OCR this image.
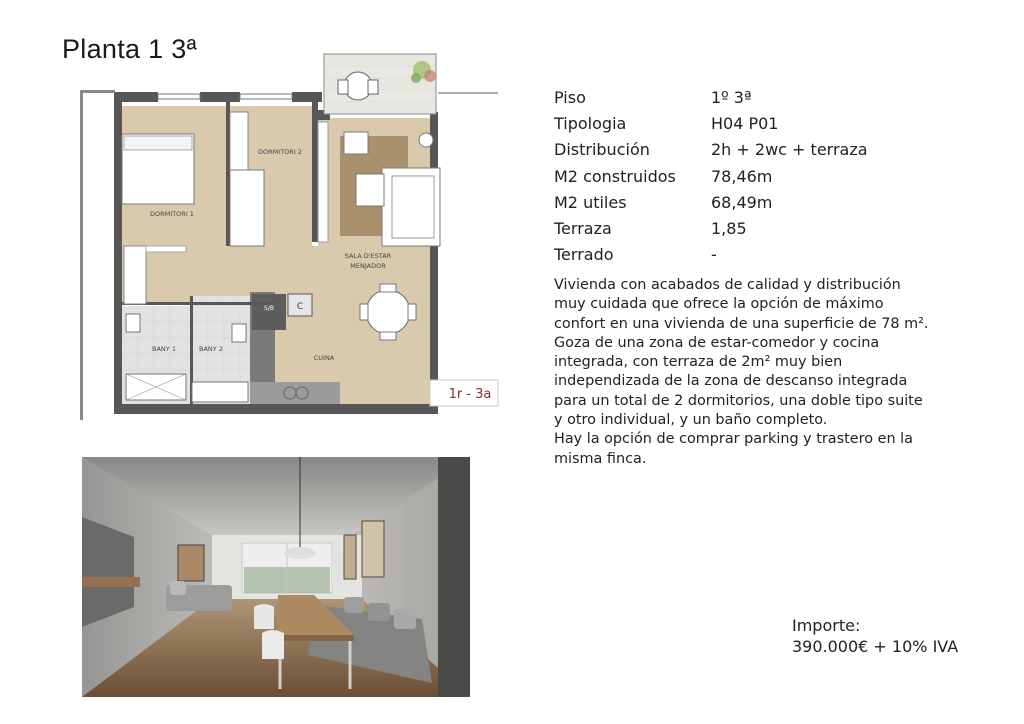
Planta 1 3ª
S/B	C
DORMITORI 1
DORMITORI 2
SALA D'ESTAR
MENJADOR
BANY 1	BANY 2
CUINA
1r - 3a
Piso	1º 3ª
Tipologia	H04 P01
Distribución	2h + 2wc + terraza
M2 construidos	78,46m
M2 utiles	68,49m
Terraza	1,85
Terrado	-

Vivienda con acabados de calidad y distribución

muy cuidada que ofrece la opción de máximo

confort en una vivienda de una superficie de 78 m².

Goza de una zona de estar-comedor y cocina

integrada, con terraza de 2m² muy bien

independizada de la zona de descanso integrada

para un total de 2 dormitorios, una doble tipo suite

y otro individual, y un baño completo.

Hay la opción de comprar parking y trastero en la

misma finca.

Importe:
390.000€ + 10% IVA
